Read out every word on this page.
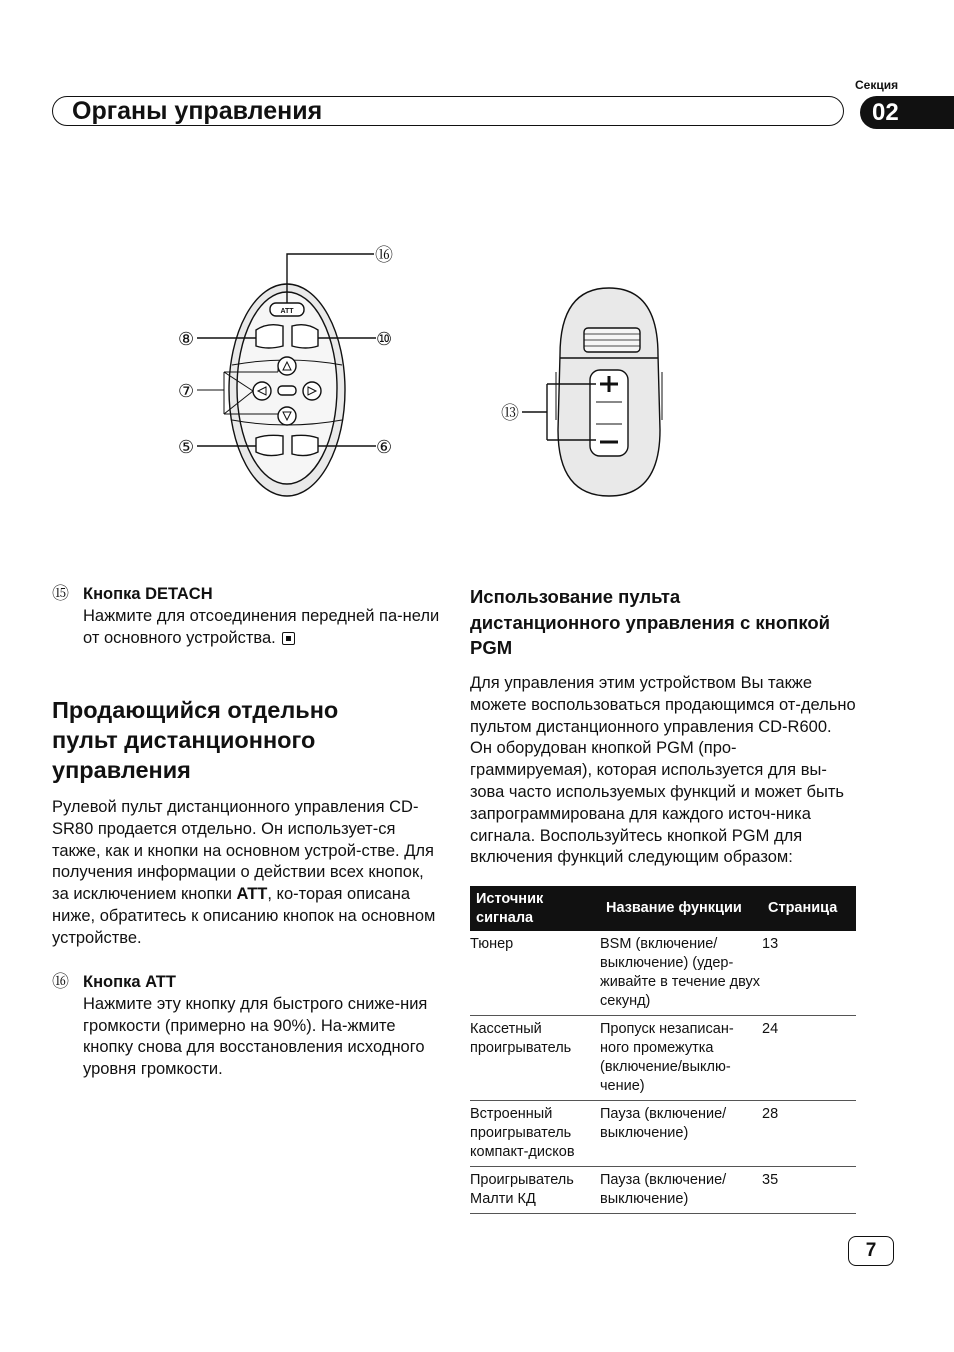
Секция
Органы управления	02
⑯
⑧	⑩
⑦
⑤	⑥
⑬
ATT
⑮ Кнопка DETACH
Нажмите для отсоединения передней па-нели от основного устройства.
Продающийся отдельно пульт дистанционного управления
Рулевой пульт дистанционного управления CD-SR80 продается отдельно. Он использует-ся также, как и кнопки на основном устрой-стве. Для получения информации о действии всех кнопок, за исключением кнопки ATT, ко-торая описана ниже, обратитесь к описанию кнопок на основном устройстве.
⑯ Кнопка ATT
Нажмите эту кнопку для быстрого сниже-ния громкости (примерно на 90%). На-жмите кнопку снова для восстановления исходного уровня громкости.
Использование пульта дистанционного управления с кнопкой PGM
Для управления этим устройством Вы также можете воспользоваться продающимся от-дельно пультом дистанционного управления CD-R600. Он оборудован кнопкой PGM (про-граммируемая), которая используется для вы-зова часто используемых функций и может быть запрограммирована для каждого источ-ника сигнала. Воспользуйтесь кнопкой PGM для включения функций следующим образом:
Источник сигнала	Название функции	Страница
Тюнер	BSM (включение/ выключение) (удер-живайте в течение двух секунд)	13
Кассетный проигрыватель	Пропуск незаписан-ного промежутка (включение/выклю-чение)	24
Встроенный проигрыватель компакт-дисков	Пауза (включение/ выключение)	28
Проигрыватель Малти КД	Пауза (включение/ выключение)	35
7
